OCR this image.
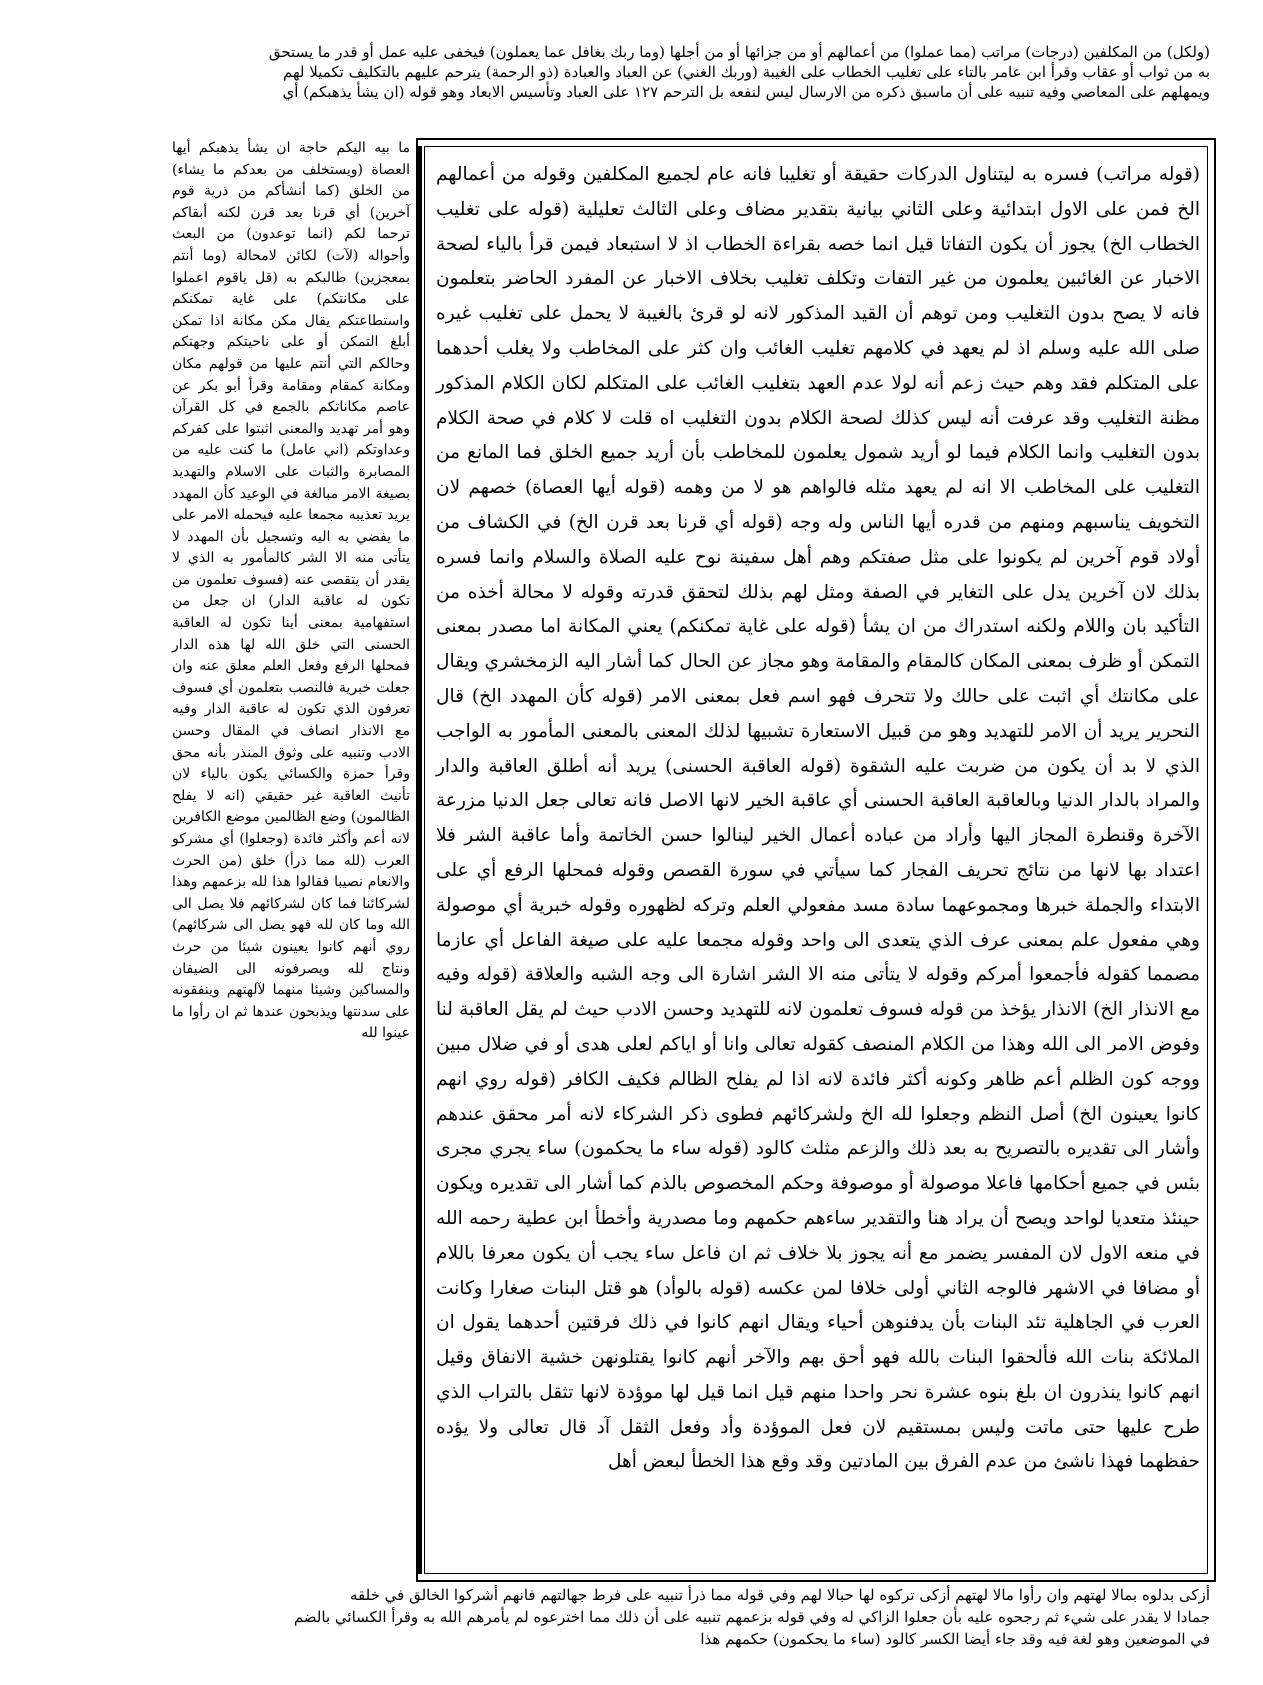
(ولكل) من المكلفين (درجات) مراتب (مما عملوا) من أعمالهم أو من جزائها أو من أجلها (وما ربك بغافل عما يعملون) فيخفى عليه عمل أو قدر ما يستحق

به من ثواب أو عقاب وقرأ ابن عامر بالتاء على تغليب الخطاب على الغيبة (وربك الغني) عن العباد والعبادة (ذو الرحمة) يترحم عليهم بالتكليف تكميلا لهم

ويمهلهم على المعاصي وفيه تنبيه على أن ماسبق ذكره من الارسال ليس لنفعه بل الترحم ١٢٧ على العباد وتأسيس الابعاد وهو قوله (ان يشأ يذهبكم) أي

ما بيه اليكم حاجة ان يشأ يذهبكم أيها العصاة (ويستخلف من بعدكم ما يشاء) من الخلق (كما أنشأكم من ذرية قوم آخرين) أي قرنا بعد قرن لكنه أبقاكم ترحما لكم (انما توعدون) من البعث وأحواله (لآت) لكائن لامحالة (وما أنتم بمعجزين) طالبكم به (قل ياقوم اعملوا على مكانتكم) على غاية تمكنكم واستطاعتكم يقال مكن مكانة اذا تمكن أبلغ التمكن أو على ناحيتكم وجهتكم وحالكم التي أنتم عليها من قولهم مكان ومكانة كمقام ومقامة وقرأ أبو بكر عن عاصم مكاناتكم بالجمع في كل القرآن وهو أمر تهديد والمعنى اثبتوا على كفركم وعداوتكم (اني عامل) ما كنت عليه من المصابرة والثبات على الاسلام والتهديد بصيغة الامر مبالغة في الوعيد كأن المهدد يريد تعذيبه مجمعا عليه فيحمله الامر على ما يفضي به اليه وتسجيل بأن المهدد لا يتأتى منه الا الشر كالمأمور به الذي لا يقدر أن يتقصى عنه (فسوف تعلمون من تكون له عاقبة الدار) ان جعل من استفهامية بمعنى أينا تكون له العاقبة الحسنى التي خلق الله لها هذه الدار فمحلها الرفع وفعل العلم معلق عنه وان جعلت خبرية فالنصب بتعلمون أي فسوف تعرفون الذي تكون له عاقبة الدار وفيه مع الانذار انصاف في المقال وحسن الادب وتنبيه على وثوق المنذر بأنه محق وقرأ حمزة والكسائي يكون بالياء لان تأنيث العاقبة غير حقيقي (انه لا يفلح الظالمون) وضع الظالمين موضع الكافرين لانه أعم وأكثر فائدة (وجعلوا) أي مشركو العرب (لله مما ذرأ) خلق (من الحرث والانعام نصيبا فقالوا هذا لله بزعمهم وهذا لشركائنا فما كان لشركائهم فلا يصل الى الله وما كان لله فهو يصل الى شركائهم) روي أنهم كانوا يعينون شيئا من حرث ونتاج لله ويصرفونه الى الضيفان والمساكين وشيئا منهما لآلهتهم وينفقونه على سدنتها ويذبحون عندها ثم ان رأوا ما عينوا لله

(قوله مراتب) فسره به ليتناول الدركات حقيقة أو تغليبا فانه عام لجميع المكلفين وقوله من أعمالهم الخ فمن على الاول ابتدائية وعلى الثاني بيانية بتقدير مضاف وعلى الثالث تعليلية (قوله على تغليب الخطاب الخ) يجوز أن يكون التفاتا قيل انما خصه بقراءة الخطاب اذ لا استبعاد فيمن قرأ بالياء لصحة الاخبار عن الغائبين يعلمون من غير التفات وتكلف تغليب بخلاف الاخبار عن المفرد الحاضر بتعلمون فانه لا يصح بدون التغليب ومن توهم أن القيد المذكور لانه لو قرئ بالغيبة لا يحمل على تغليب غيره صلى الله عليه وسلم اذ لم يعهد في كلامهم تغليب الغائب وان كثر على المخاطب ولا يغلب أحدهما على المتكلم فقد وهم حيث زعم أنه لولا عدم العهد بتغليب الغائب على المتكلم لكان الكلام المذكور مظنة التغليب وقد عرفت أنه ليس كذلك لصحة الكلام بدون التغليب اه قلت لا كلام في صحة الكلام بدون التغليب وانما الكلام فيما لو أريد شمول يعلمون للمخاطب بأن أريد جميع الخلق فما المانع من التغليب على المخاطب الا انه لم يعهد مثله فالواهم هو لا من وهمه (قوله أيها العصاة) خصهم لان التخويف يناسبهم ومنهم من قدره أيها الناس وله وجه (قوله أي قرنا بعد قرن الخ) في الكشاف من أولاد قوم آخرين لم يكونوا على مثل صفتكم وهم أهل سفينة نوح عليه الصلاة والسلام وانما فسره بذلك لان آخرين يدل على التغاير في الصفة ومثل لهم بذلك لتحقق قدرته وقوله لا محالة أخذه من التأكيد بان واللام ولكنه استدراك من ان يشأ (قوله على غاية تمكنكم) يعني المكانة اما مصدر بمعنى التمكن أو ظرف بمعنى المكان كالمقام والمقامة وهو مجاز عن الحال كما أشار اليه الزمخشري ويقال على مكانتك أي اثبت على حالك ولا تتحرف فهو اسم فعل بمعنى الامر (قوله كأن المهدد الخ) قال النحرير يريد أن الامر للتهديد وهو من قبيل الاستعارة تشبيها لذلك المعنى بالمعنى المأمور به الواجب الذي لا بد أن يكون من ضربت عليه الشقوة (قوله العاقبة الحسنى) يريد أنه أطلق العاقبة والدار والمراد بالدار الدنيا وبالعاقبة العاقبة الحسنى أي عاقبة الخير لانها الاصل فانه تعالى جعل الدنيا مزرعة الآخرة وقنطرة المجاز اليها وأراد من عباده أعمال الخير لينالوا حسن الخاتمة وأما عاقبة الشر فلا اعتداد بها لانها من نتائج تحريف الفجار كما سيأتي في سورة القصص وقوله فمحلها الرفع أي على الابتداء والجملة خبرها ومجموعهما سادة مسد مفعولي العلم وتركه لظهوره وقوله خبرية أي موصولة وهي مفعول علم بمعنى عرف الذي يتعدى الى واحد وقوله مجمعا عليه على صيغة الفاعل أي عازما مصمما كقوله فأجمعوا أمركم وقوله لا يتأتى منه الا الشر اشارة الى وجه الشبه والعلاقة (قوله وفيه مع الانذار الخ) الانذار يؤخذ من قوله فسوف تعلمون لانه للتهديد وحسن الادب حيث لم يقل العاقبة لنا وفوض الامر الى الله وهذا من الكلام المنصف كقوله تعالى وانا أو اياكم لعلى هدى أو في ضلال مبين ووجه كون الظلم أعم ظاهر وكونه أكثر فائدة لانه اذا لم يفلح الظالم فكيف الكافر (قوله روي انهم كانوا يعينون الخ) أصل النظم وجعلوا لله الخ ولشركائهم فطوى ذكر الشركاء لانه أمر محقق عندهم وأشار الى تقديره بالتصريح به بعد ذلك والزعم مثلث كالود (قوله ساء ما يحكمون) ساء يجري مجرى بئس في جميع أحكامها فاعلا موصولة أو موصوفة وحكم المخصوص بالذم كما أشار الى تقديره ويكون حينئذ متعديا لواحد ويصح أن يراد هنا والتقدير ساءهم حكمهم وما مصدرية وأخطأ ابن عطية رحمه الله في منعه الاول لان المفسر يضمر مع أنه يجوز بلا خلاف ثم ان فاعل ساء يجب أن يكون معرفا باللام أو مضافا في الاشهر فالوجه الثاني أولى خلافا لمن عكسه (قوله بالوأد) هو قتل البنات صغارا وكانت العرب في الجاهلية تئد البنات بأن يدفنوهن أحياء ويقال انهم كانوا في ذلك فرقتين أحدهما يقول ان الملائكة بنات الله فألحقوا البنات بالله فهو أحق بهم والآخر أنهم كانوا يقتلونهن خشية الانفاق وقيل انهم كانوا ينذرون ان بلغ بنوه عشرة نحر واحدا منهم قيل انما قيل لها موؤدة لانها تثقل بالتراب الذي طرح عليها حتى ماتت وليس بمستقيم لان فعل الموؤدة وأد وفعل الثقل آد قال تعالى ولا يؤده حفظهما فهذا ناشئ من عدم الفرق بين المادتين وقد وقع هذا الخطأ لبعض أهل

أزكى بدلوه بمالا لهتهم وان رأوا مالا لهتهم أزكى تركوه لها حبالا لهم وفي قوله مما ذرأ تنبيه على فرط جهالتهم فانهم أشركوا الخالق في خلقه

جمادا لا يقدر على شيء ثم رجحوه عليه بأن جعلوا الزاكي له وفي قوله بزعمهم تنبيه على أن ذلك مما اخترعوه لم يأمرهم الله به وقرأ الكسائي بالضم

في الموضعين وهو لغة فيه وقد جاء أيضا الكسر كالود (ساء ما يحكمون) حكمهم هذا
